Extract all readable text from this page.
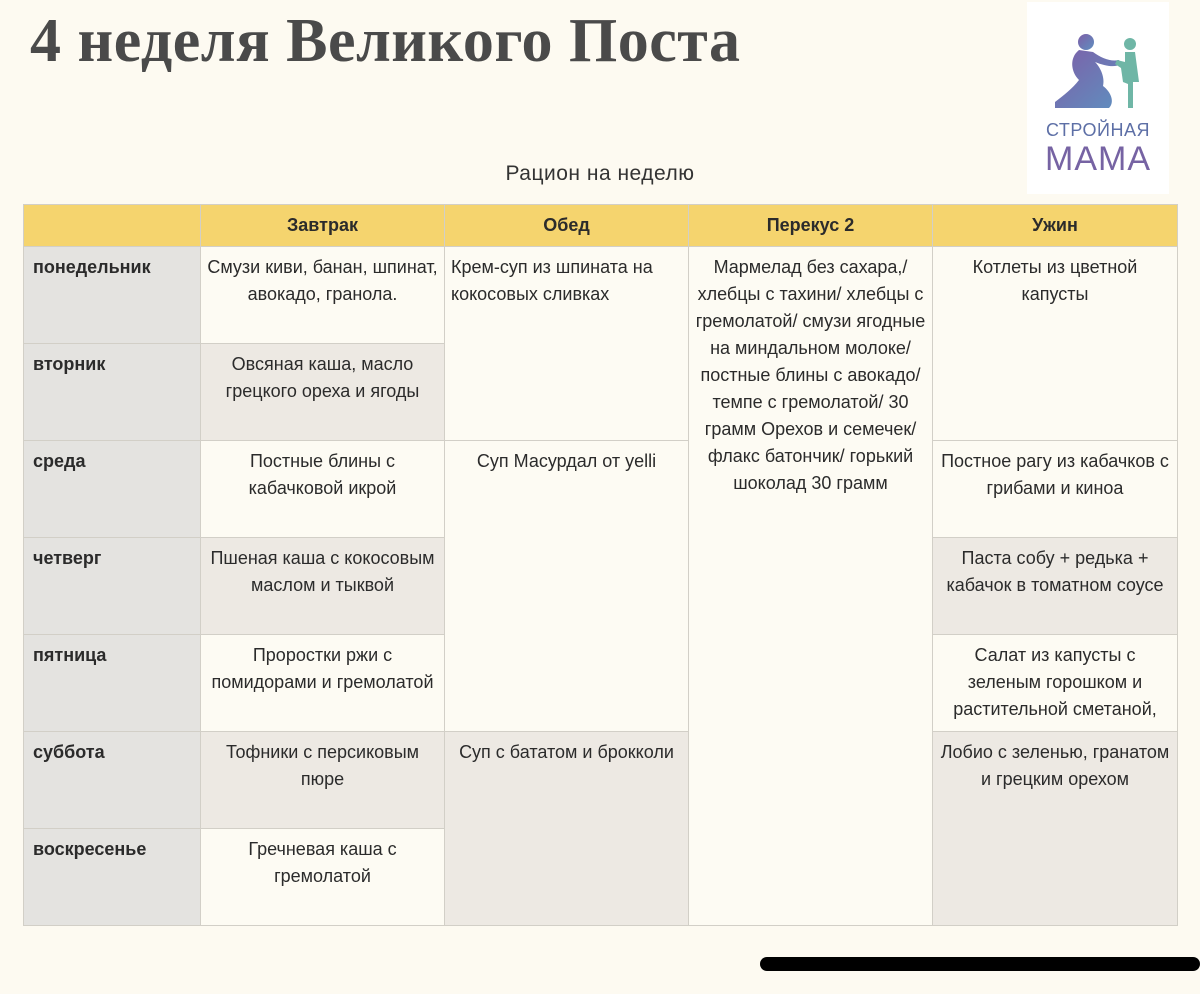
4 неделя Великого Поста
СТРОЙНАЯ
МАМА
Рацион на неделю
	Завтрак	Обед	Перекус 2	Ужин
понедельник	Смузи киви, банан, шпинат, авокадо, гранола.	Крем-суп из шпината на кокосовых сливках	Мармелад без сахара,/ хлебцы с тахини/ хлебцы с гремолатой/ смузи ягодные на миндальном молоке/ постные блины с авокадо/ темпе с гремолатой/ 30 грамм Орехов и семечек/ флакс батончик/ горький шоколад 30 грамм	Котлеты из цветной капусты
вторник	Овсяная каша, масло грецкого ореха и ягоды			
среда	Постные блины с кабачковой икрой	Суп Масурдал от yelli		Постное рагу из кабачков с грибами и киноа
четверг	Пшеная каша с кокосовым маслом и тыквой			Паста собу + редька + кабачок в томатном соусе
пятница	Проростки ржи с помидорами и гремолатой			Салат из капусты с зеленым горошком и растительной сметаной,
суббота	Тофники с персиковым пюре	Суп с бататом и брокколи		Лобио с зеленью, гранатом и грецким орехом
воскресенье	Гречневая каша с гремолатой			
